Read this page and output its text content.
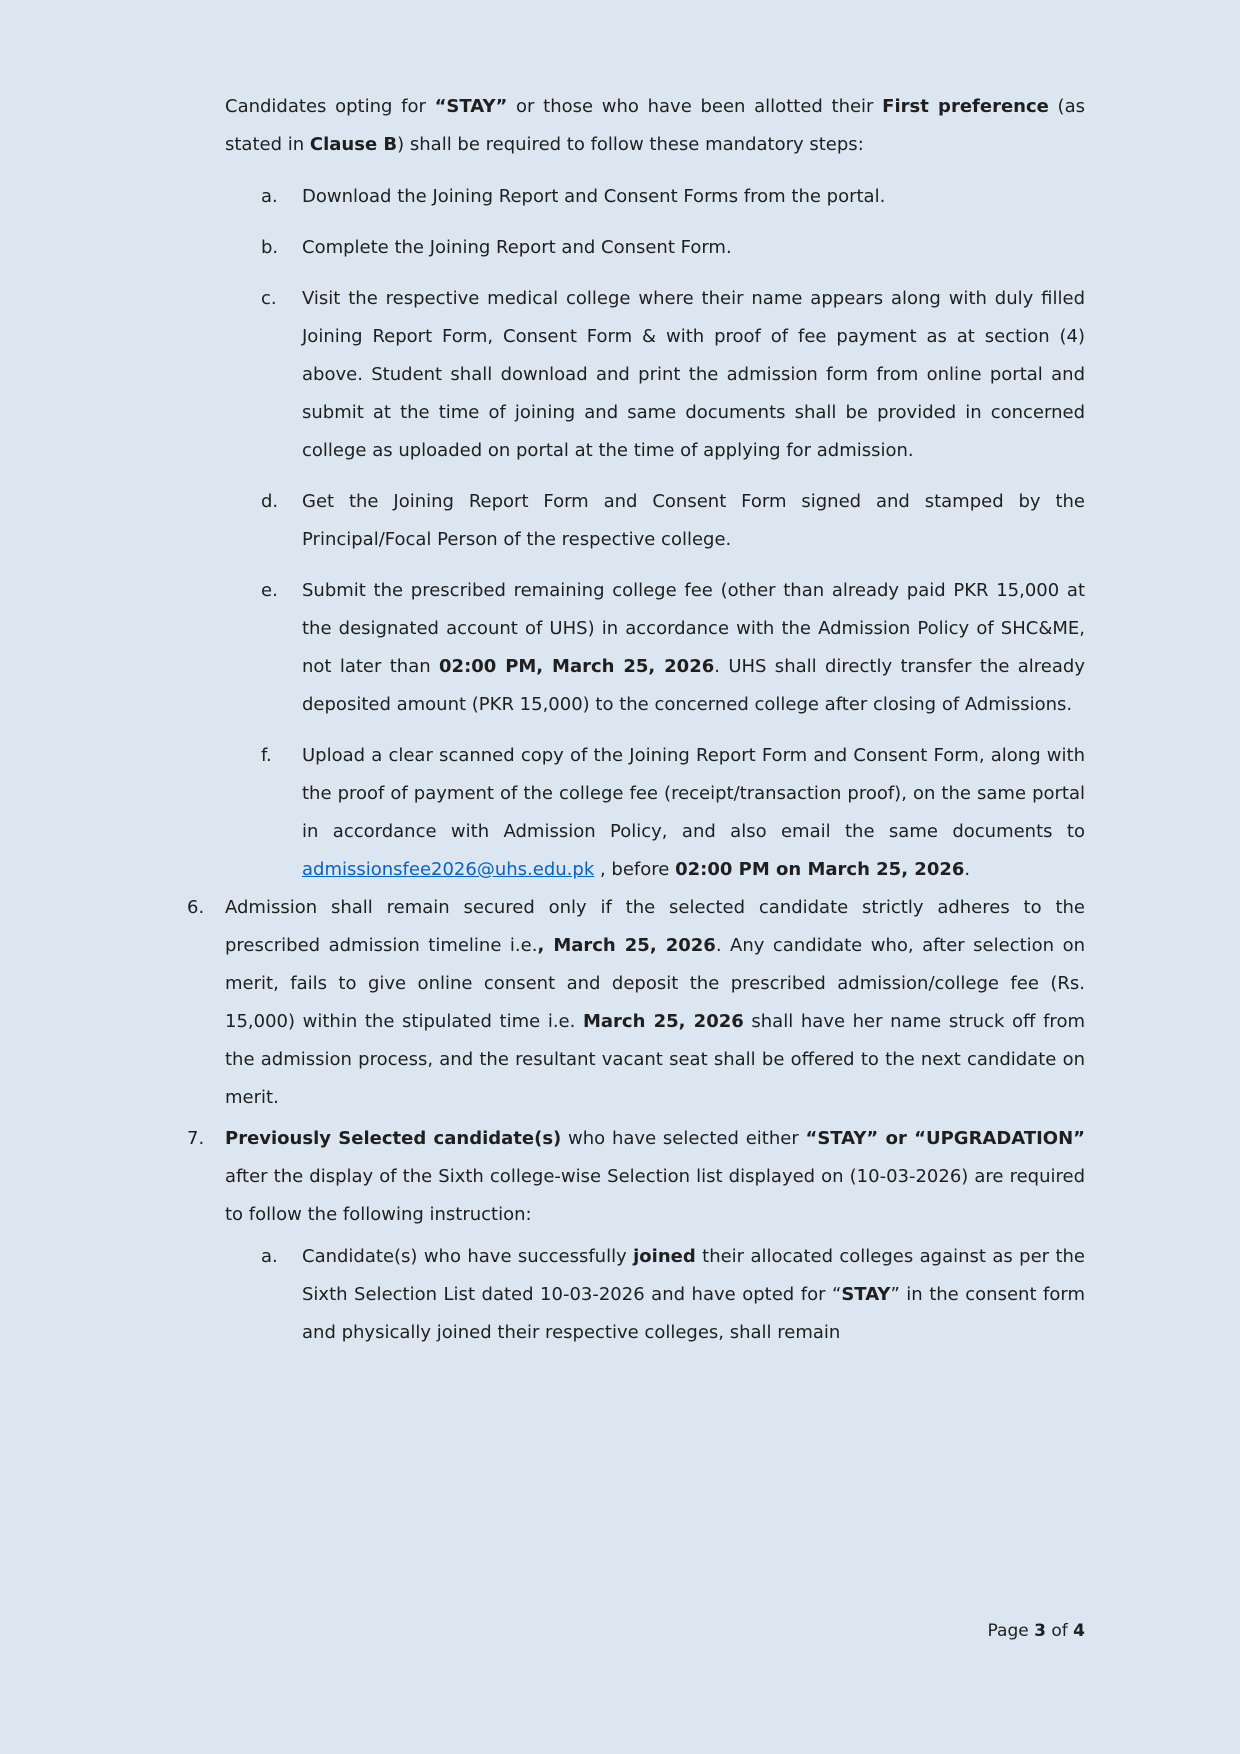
Candidates opting for “STAY” or those who have been allotted their First preference (as stated in Clause B) shall be required to follow these mandatory steps:

a.	Download the Joining Report and Consent Forms from the portal.
b.	Complete the Joining Report and Consent Form.
c.	Visit the respective medical college where their name appears along with duly filled Joining Report Form, Consent Form & with proof of fee payment as at section (4) above. Student shall download and print the admission form from online portal and submit at the time of joining and same documents shall be provided in concerned college as uploaded on portal at the time of applying for admission.
d.	Get the Joining Report Form and Consent Form signed and stamped by the Principal/Focal Person of the respective college.
e.	Submit the prescribed remaining college fee (other than already paid PKR 15,000 at the designated account of UHS) in accordance with the Admission Policy of SHC&ME, not later than 02:00 PM, March 25, 2026. UHS shall directly transfer the already deposited amount (PKR 15,000) to the concerned college after closing of Admissions.
f.	Upload a clear scanned copy of the Joining Report Form and Consent Form, along with the proof of payment of the college fee (receipt/transaction proof), on the same portal in accordance with Admission Policy, and also email the same documents to admissionsfee2026@uhs.edu.pk , before 02:00 PM on March 25, 2026.
6.	Admission shall remain secured only if the selected candidate strictly adheres to the prescribed admission timeline i.e., March 25, 2026. Any candidate who, after selection on merit, fails to give online consent and deposit the prescribed admission/college fee (Rs. 15,000) within the stipulated time i.e. March 25, 2026 shall have her name struck off from the admission process, and the resultant vacant seat shall be offered to the next candidate on merit.
7.	Previously Selected candidate(s) who have selected either “STAY” or “UPGRADATION” after the display of the Sixth college-wise Selection list displayed on (10-03-2026) are required to follow the following instruction:
a.	Candidate(s) who have successfully joined their allocated colleges against as per the Sixth Selection List dated 10-03-2026 and have opted for “STAY” in the consent form and physically joined their respective colleges, shall remain
Page 3 of 4
